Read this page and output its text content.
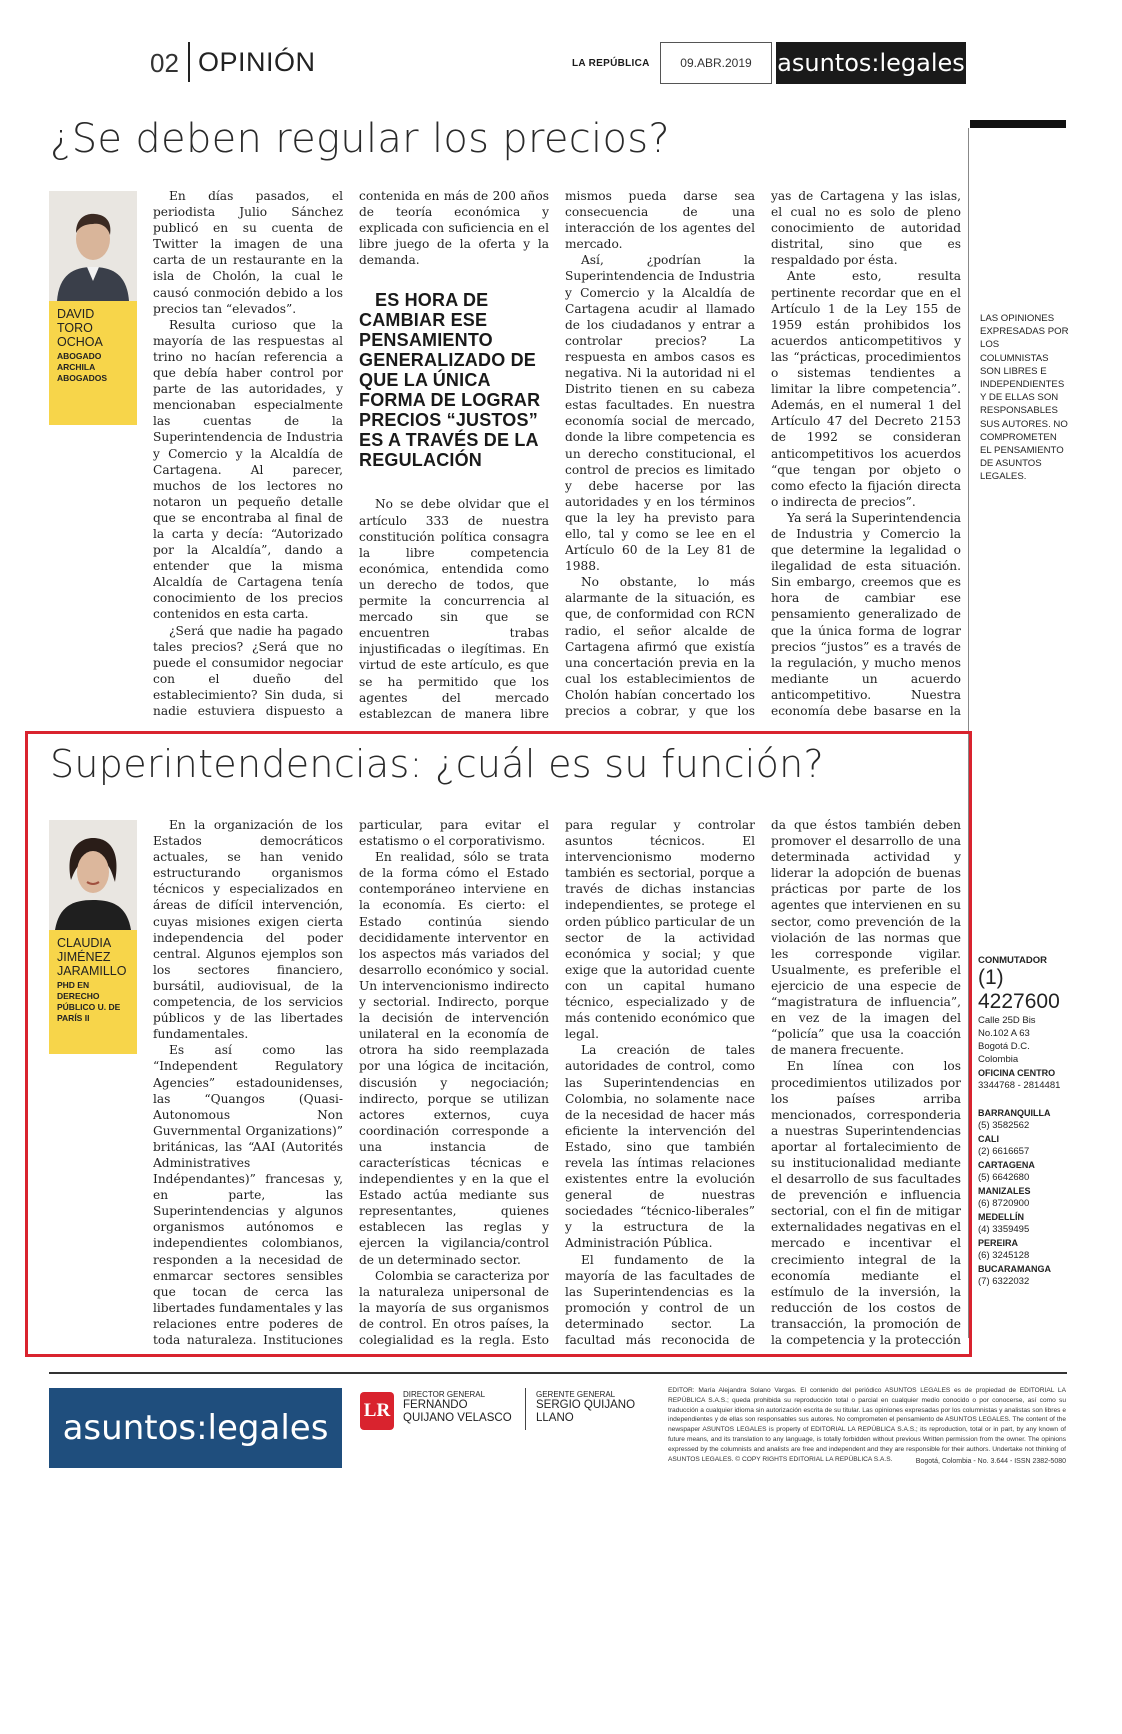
02 OPINIÓN	LA REPÚBLICA	09.ABR.2019	asuntos:legales
LAS OPINIONES EXPRESADAS POR LOS COLUMNISTAS SON LIBRES E INDEPENDIENTES Y DE ELLAS SON RESPONSABLES SUS AUTORES. NO COMPROMETEN EL PENSAMIENTO DE ASUNTOS LEGALES.
CONMUTADOR
(1) 4227600
Calle 25D Bis
No.102 A 63
Bogotá D.C.
Colombia
OFICINA CENTRO
3344768 - 2814481
BARRANQUILLA
(5) 3582562
CALI
(2) 6616657
CARTAGENA
(5) 6642680
MANIZALES
(6) 8720900
MEDELLÍN
(4) 3359495
PEREIRA
(6) 3245128
BUCARAMANGA
(7) 6322032
¿Se deben regular los precios?
DAVID TORO OCHOA
ABOGADO ARCHILA ABOGADOS

En días pasados, el periodista Julio Sánchez publicó en su cuenta de Twitter la imagen de una carta de un restaurante en la isla de Cholón, la cual le causó conmoción debido a los precios tan “elevados”.

Resulta curioso que la mayoría de las respuestas al trino no hacían referencia a que debía haber control por parte de las autoridades, y mencionaban especialmente las cuentas de la Superintendencia de Industria y Comercio y la Alcaldía de Cartagena. Al parecer, muchos de los lectores no notaron un pequeño detalle que se encontraba al final de la carta y decía: “Autorizado por la Alcaldía”, dando a entender que la misma Alcaldía de Cartagena tenía conocimiento de los precios contenidos en esta carta.

¿Será que nadie ha pagado tales precios? ¿Será que no puede el consumidor negociar con el dueño del establecimiento? Sin duda, si nadie estuviera dispuesto a

contenida en más de 200 años de teoría económica y explicada con suficiencia en el libre juego de la oferta y la demanda.

ES HORA DE CAMBIAR ESE PENSAMIENTO GENERALIZADO DE QUE LA ÚNICA FORMA DE LOGRAR PRECIOS “JUSTOS” ES A TRAVÉS DE LA REGULACIÓN

No se debe olvidar que el artículo 333 de nuestra constitución política consagra la libre competencia económica, entendida como un derecho de todos, que permite la concurrencia al mercado sin que se encuentren trabas injustificadas o ilegítimas. En virtud de este artículo, es que se ha permitido que los agentes del mercado establezcan de manera libre

mismos pueda darse sea consecuencia de una interacción de los agentes del mercado.

Así, ¿podrían la Superintendencia de Industria y Comercio y la Alcaldía de Cartagena acudir al llamado de los ciudadanos y entrar a controlar precios? La respuesta en ambos casos es negativa. Ni la autoridad ni el Distrito tienen en su cabeza estas facultades. En nuestra economía social de mercado, donde la libre competencia es un derecho constitucional, el control de precios es limitado y debe hacerse por las autoridades y en los términos que la ley ha previsto para ello, tal y como se lee en el Artículo 60 de la Ley 81 de 1988.

No obstante, lo más alarmante de la situación, es que, de conformidad con RCN radio, el señor alcalde de Cartagena afirmó que existía una concertación previa en la cual los establecimientos de Cholón habían concertado los precios a cobrar, y que los

yas de Cartagena y las islas, el cual no es solo de pleno conocimiento de autoridad distrital, sino que es respaldado por ésta.

Ante esto, resulta pertinente recordar que en el Artículo 1 de la Ley 155 de 1959 están prohibidos los acuerdos anticompetitivos y las “prácticas, procedimientos o sistemas tendientes a limitar la libre competencia”. Además, en el numeral 1 del Artículo 47 del Decreto 2153 de 1992 se consideran anticompetitivos los acuerdos “que tengan por objeto o como efecto la fijación directa o indirecta de precios”.

Ya será la Superintendencia de Industria y Comercio la que determine la legalidad o ilegalidad de esta situación. Sin embargo, creemos que es hora de cambiar ese pensamiento generalizado de que la única forma de lograr precios “justos” es a través de la regulación, y mucho menos mediante un acuerdo anticompetitivo. Nuestra economía debe basarse en la

Superintendencias: ¿cuál es su función?
CLAUDIA JIMÉNEZ JARAMILLO
PHD EN DERECHO PÚBLICO U. DE PARÍS II

En la organización de los Estados democráticos actuales, se han venido estructurando organismos técnicos y especializados en áreas de difícil intervención, cuyas misiones exigen cierta independencia del poder central. Algunos ejemplos son los sectores financiero, bursátil, audiovisual, de la competencia, de los servicios públicos y de las libertades fundamentales.

Es así como las “Independent Regulatory Agencies” estadounidenses, las “Quangos (Quasi-Autonomous Non Guvernmental Organizations)” británicas, las “AAI (Autorités Administratives Indépendantes)” francesas y, en parte, las Superintendencias y algunos organismos autónomos e independientes colombianos, responden a la necesidad de enmarcar sectores sensibles que tocan de cerca las libertades fundamentales y las relaciones entre poderes de toda naturaleza. Instituciones

particular, para evitar el estatismo o el corporativismo.

En realidad, sólo se trata de la forma cómo el Estado contemporáneo interviene en la economía. Es cierto: el Estado continúa siendo decididamente interventor en los aspectos más variados del desarrollo económico y social. Un intervencionismo indirecto y sectorial. Indirecto, porque la decisión de intervención unilateral en la economía de otrora ha sido reemplazada por una lógica de incitación, discusión y negociación; indirecto, porque se utilizan actores externos, cuya coordinación corresponde a una instancia de características técnicas e independientes y en la que el Estado actúa mediante sus representantes, quienes establecen las reglas y ejercen la vigilancia/control de un determinado sector.

Colombia se caracteriza por la naturaleza unipersonal de la mayoría de sus organismos de control. En otros países, la colegialidad es la regla. Esto

para regular y controlar asuntos técnicos. El intervencionismo moderno también es sectorial, porque a través de dichas instancias independientes, se protege el orden público particular de un sector de la actividad económica y social; y que exige que la autoridad cuente con un capital humano técnico, especializado y de más contenido económico que legal.

La creación de tales autoridades de control, como las Superintendencias en Colombia, no solamente nace de la necesidad de hacer más eficiente la intervención del Estado, sino que también revela las íntimas relaciones existentes entre la evolución general de nuestras sociedades “técnico-liberales” y la estructura de la Administración Pública.

El fundamento de la mayoría de las facultades de las Superintendencias es la promoción y control de un determinado sector. La facultad más reconocida de

da que éstos también deben promover el desarrollo de una determinada actividad y liderar la adopción de buenas prácticas por parte de los agentes que intervienen en su sector, como prevención de la violación de las normas que les corresponde vigilar. Usualmente, es preferible el ejercicio de una especie de “magistratura de influencia”, en vez de la imagen del “policía” que usa la coacción de manera frecuente.

En línea con los procedimientos utilizados por los países arriba mencionados, corresponderia a nuestras Superintendencias aportar al fortalecimiento de su institucionalidad mediante el desarrollo de sus facultades de prevención e influencia sectorial, con el fin de mitigar externalidades negativas en el mercado e incentivar el crecimiento integral de la economía mediante el estímulo de la inversión, la reducción de los costos de transacción, la promoción de la competencia y la protección

asuntos:legales	LR
DIRECTOR GENERAL
FERNANDO QUIJANO VELASCO
GERENTE GENERAL
SERGIO QUIJANO LLANO
EDITOR: María Alejandra Solano Vargas. El contenido del periódico ASUNTOS LEGALES es de propiedad de EDITORIAL LA REPÚBLICA S.A.S.; queda prohibida su reproducción total o parcial en cualquier medio conocido o por conocerse, así como su traducción a cualquier idioma sin autorización escrita de su titular. Las opiniones expresadas por los columnistas y analistas son libres e independientes y de ellas son responsables sus autores. No comprometen el pensamiento de ASUNTOS LEGALES. The content of the newspaper ASUNTOS LEGALES is property of EDITORIAL LA REPÚBLICA S.A.S.; its reproduction, total or in part, by any known of future means, and its translation to any language, is totally forbidden without previous Written permission from the owner. The opinions expressed by the columnists and analists are free and independent and they are responsible for their authors. Undertake not thinking of ASUNTOS LEGALES. © COPY RIGHTS EDITORIAL LA REPÚBLICA S.A.S.	Bogotá, Colombia - No. 3.644 - ISSN 2382-5080
